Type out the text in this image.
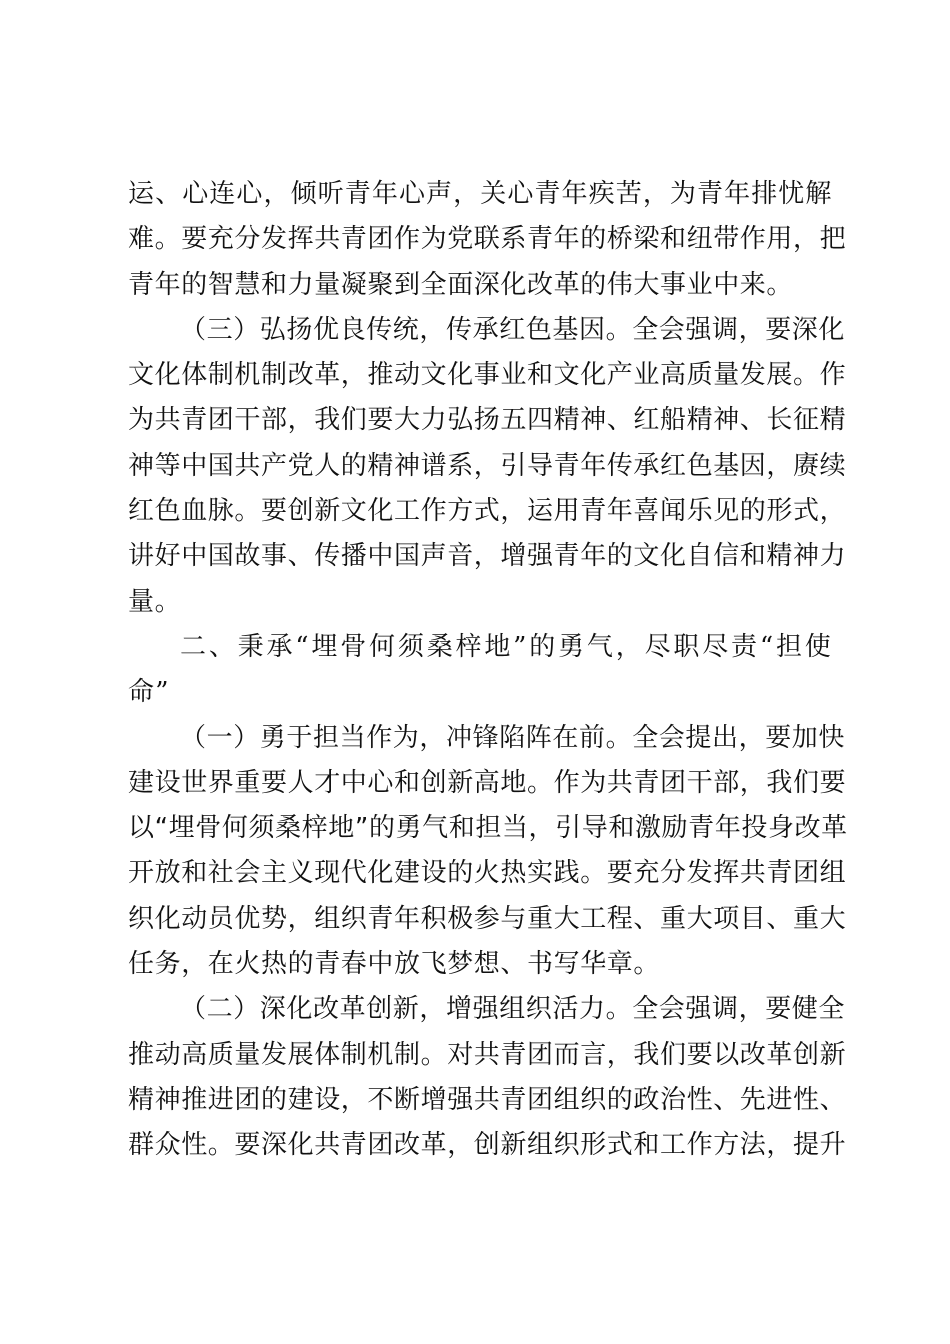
运、心连心，倾听青年心声，关心青年疾苦，为青年排忧解
难。要充分发挥共青团作为党联系青年的桥梁和纽带作用，把
青年的智慧和力量凝聚到全面深化改革的伟大事业中来。
（三）弘扬优良传统，传承红色基因。全会强调，要深化
文化体制机制改革，推动文化事业和文化产业高质量发展。作
为共青团干部，我们要大力弘扬五四精神、红船精神、长征精
神等中国共产党人的精神谱系，引导青年传承红色基因，赓续
红色血脉。要创新文化工作方式，运用青年喜闻乐见的形式，
讲好中国故事、传播中国声音，增强青年的文化自信和精神力
量。
二、秉承“埋骨何须桑梓地”的勇气，尽职尽责“担使
命”
（一）勇于担当作为，冲锋陷阵在前。全会提出，要加快
建设世界重要人才中心和创新高地。作为共青团干部，我们要
以“埋骨何须桑梓地”的勇气和担当，引导和激励青年投身改革
开放和社会主义现代化建设的火热实践。要充分发挥共青团组
织化动员优势，组织青年积极参与重大工程、重大项目、重大
任务，在火热的青春中放飞梦想、书写华章。
（二）深化改革创新，增强组织活力。全会强调，要健全
推动高质量发展体制机制。对共青团而言，我们要以改革创新
精神推进团的建设，不断增强共青团组织的政治性、先进性、
群众性。要深化共青团改革，创新组织形式和工作方法，提升
